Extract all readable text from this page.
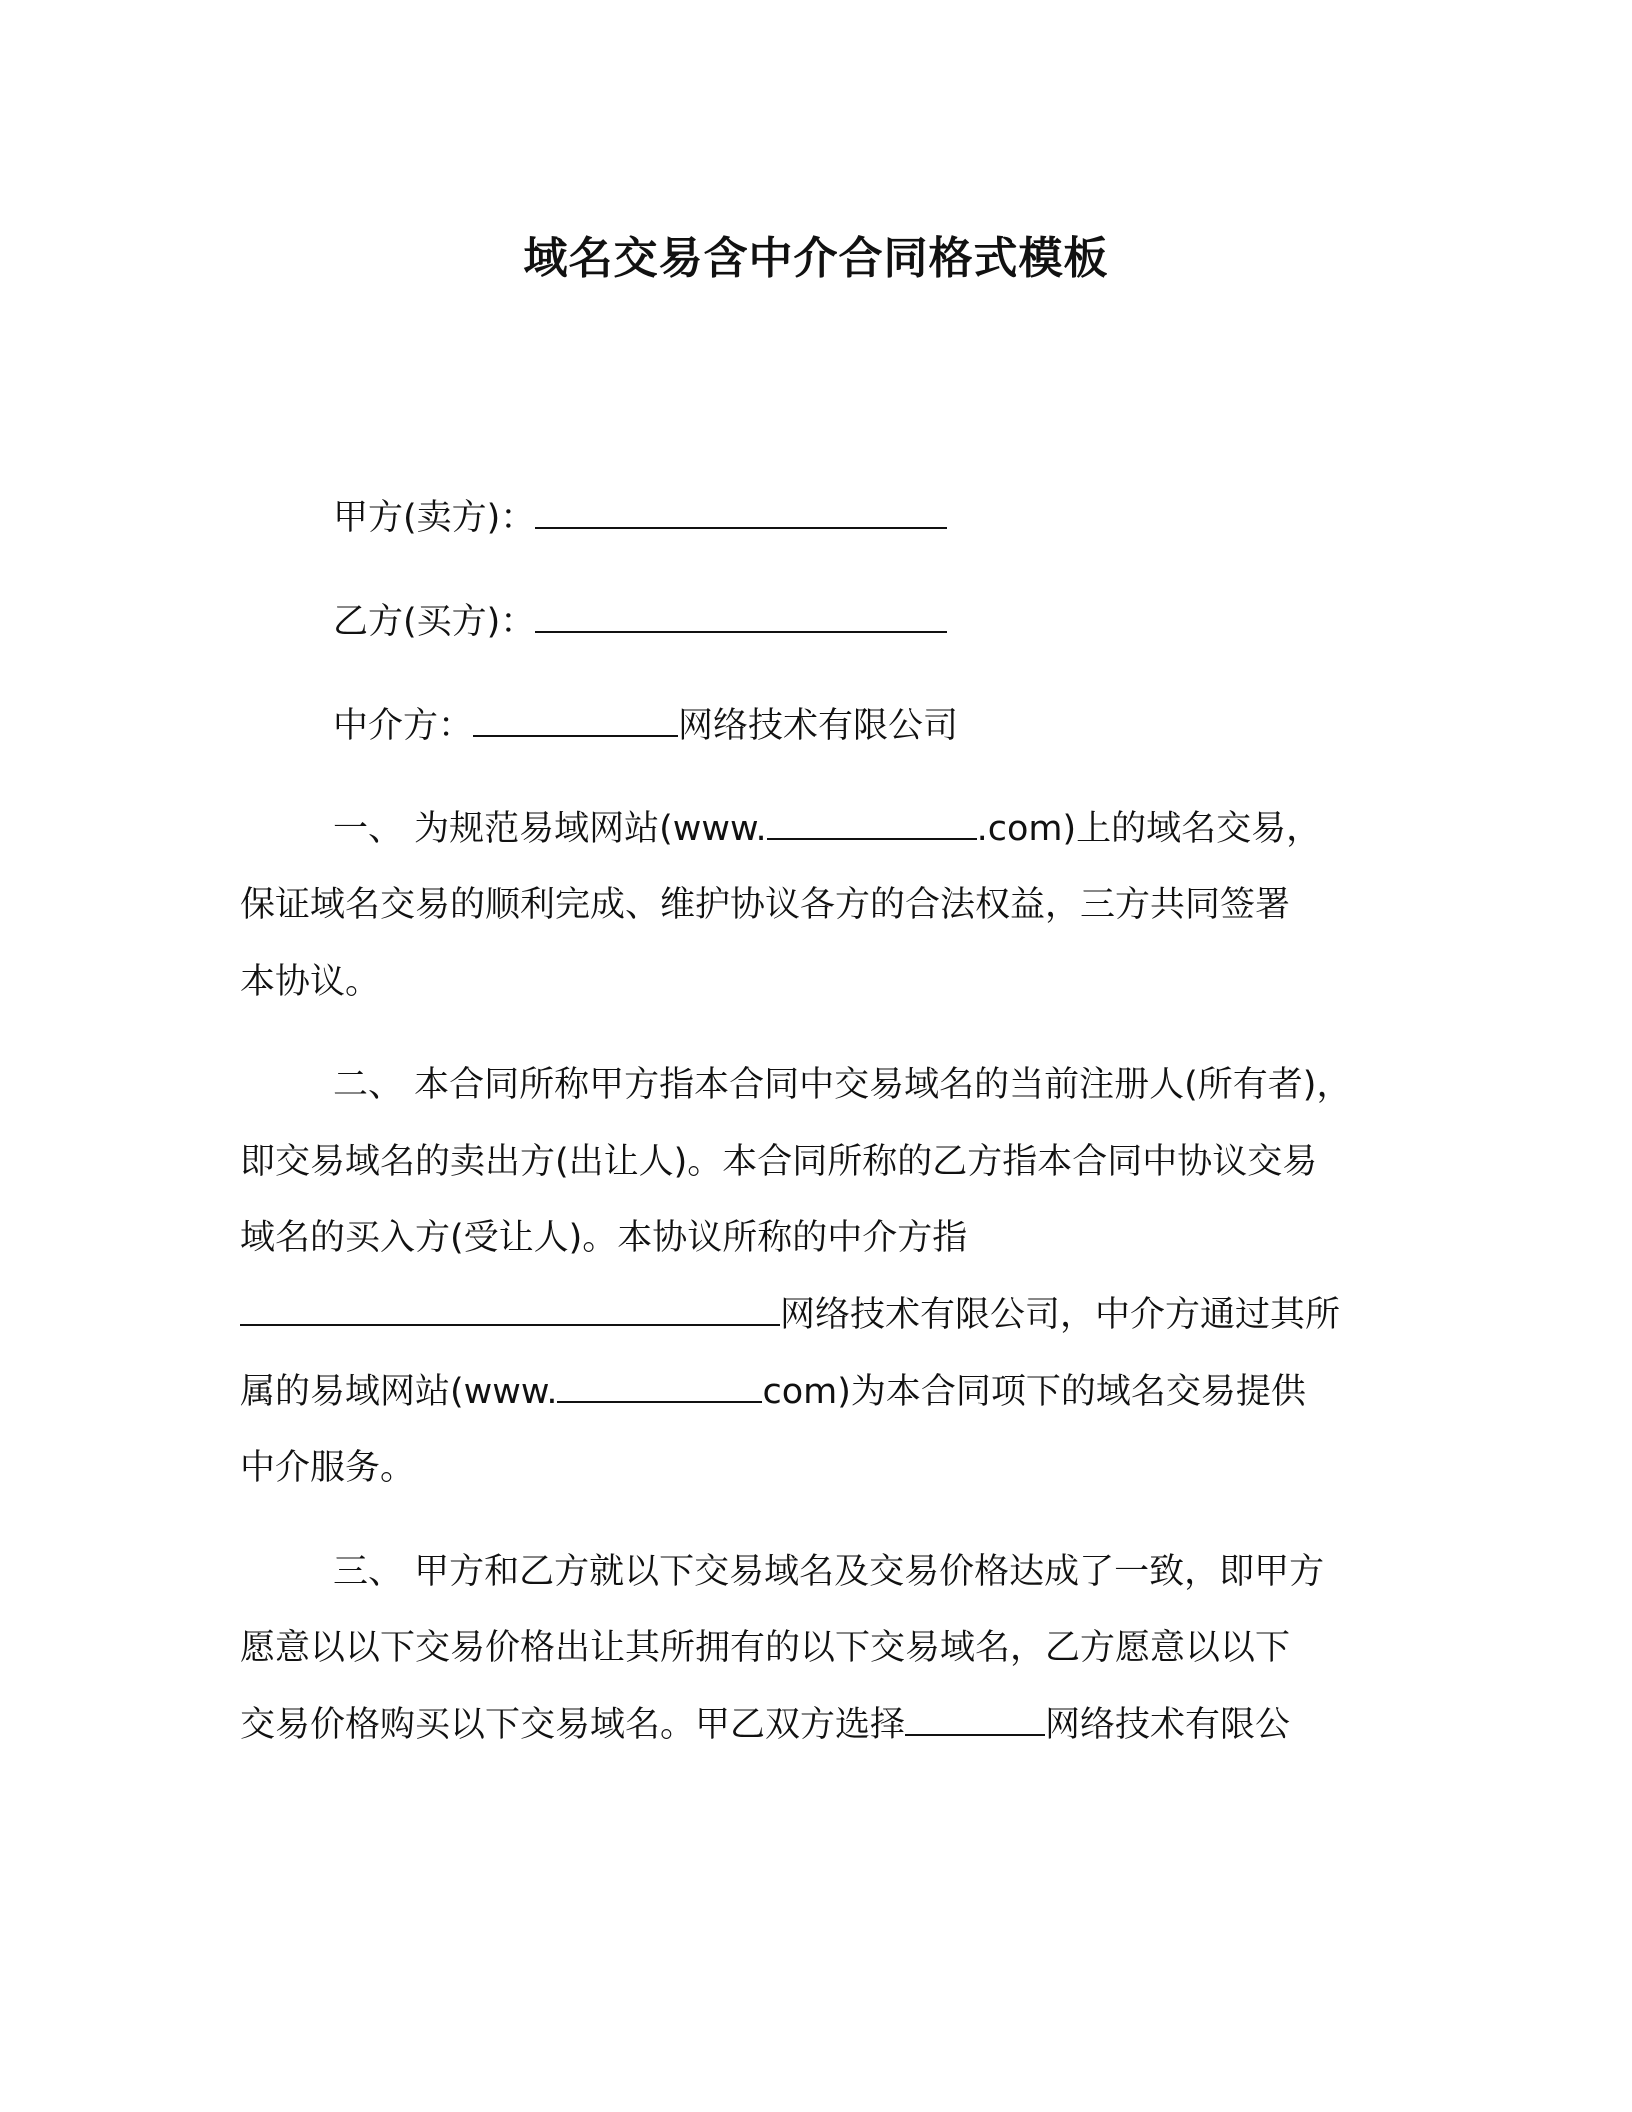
域名交易含中介合同格式模板
甲方(卖方)：
乙方(买方)：
中介方：	网络技术有限公司
一、 为规范易域网站(www.	.com)上的域名交易，
保证域名交易的顺利完成、维护协议各方的合法权益，三方共同签署
本协议。
二、 本合同所称甲方指本合同中交易域名的当前注册人(所有者)，
即交易域名的卖出方(出让人)。本合同所称的乙方指本合同中协议交易
域名的买入方(受让人)。本协议所称的中介方指
网络技术有限公司，中介方通过其所
属的易域网站(www.	com)为本合同项下的域名交易提供
中介服务。
三、 甲方和乙方就以下交易域名及交易价格达成了一致，即甲方
愿意以以下交易价格出让其所拥有的以下交易域名，乙方愿意以以下
交易价格购买以下交易域名。甲乙双方选择	网络技术有限公
